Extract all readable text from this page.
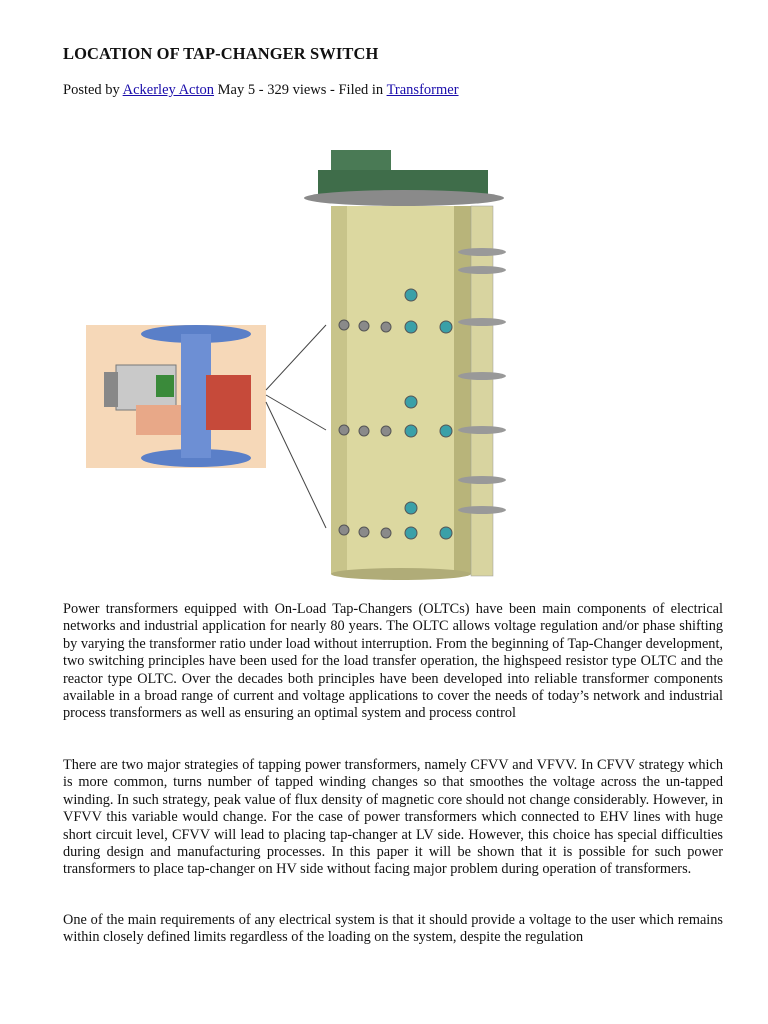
LOCATION OF TAP-CHANGER SWITCH
Posted by Ackerley Acton May 5 - 329 views - Filed in Transformer

Power transformers equipped with On-Load Tap-Changers (OLTCs) have been main components of electrical networks and industrial application for nearly 80 years. The OLTC allows voltage regulation and/or phase shifting by varying the transformer ratio under load without interruption. From the beginning of Tap-Changer development, two switching principles have been used for the load transfer operation, the highspeed resistor type OLTC and the reactor type OLTC. Over the decades both principles have been developed into reliable transformer components available in a broad range of current and voltage applications to cover the needs of today’s network and industrial process transformers as well as ensuring an optimal system and process control

There are two major strategies of tapping power transformers, namely CFVV and VFVV. In CFVV strategy which is more common, turns number of tapped winding changes so that smoothes the voltage across the un-tapped winding. In such strategy, peak value of flux density of magnetic core should not change considerably. However, in VFVV this variable would change. For the case of power transformers which connected to EHV lines with huge short circuit level, CFVV will lead to placing tap-changer at LV side. However, this choice has special difficulties during design and manufacturing processes. In this paper it will be shown that it is possible for such power transformers to place tap-changer on HV side without facing major problem during operation of transformers.

One of the main requirements of any electrical system is that it should provide a voltage to the user which remains within closely defined limits regardless of the loading on the system, despite the regulation
